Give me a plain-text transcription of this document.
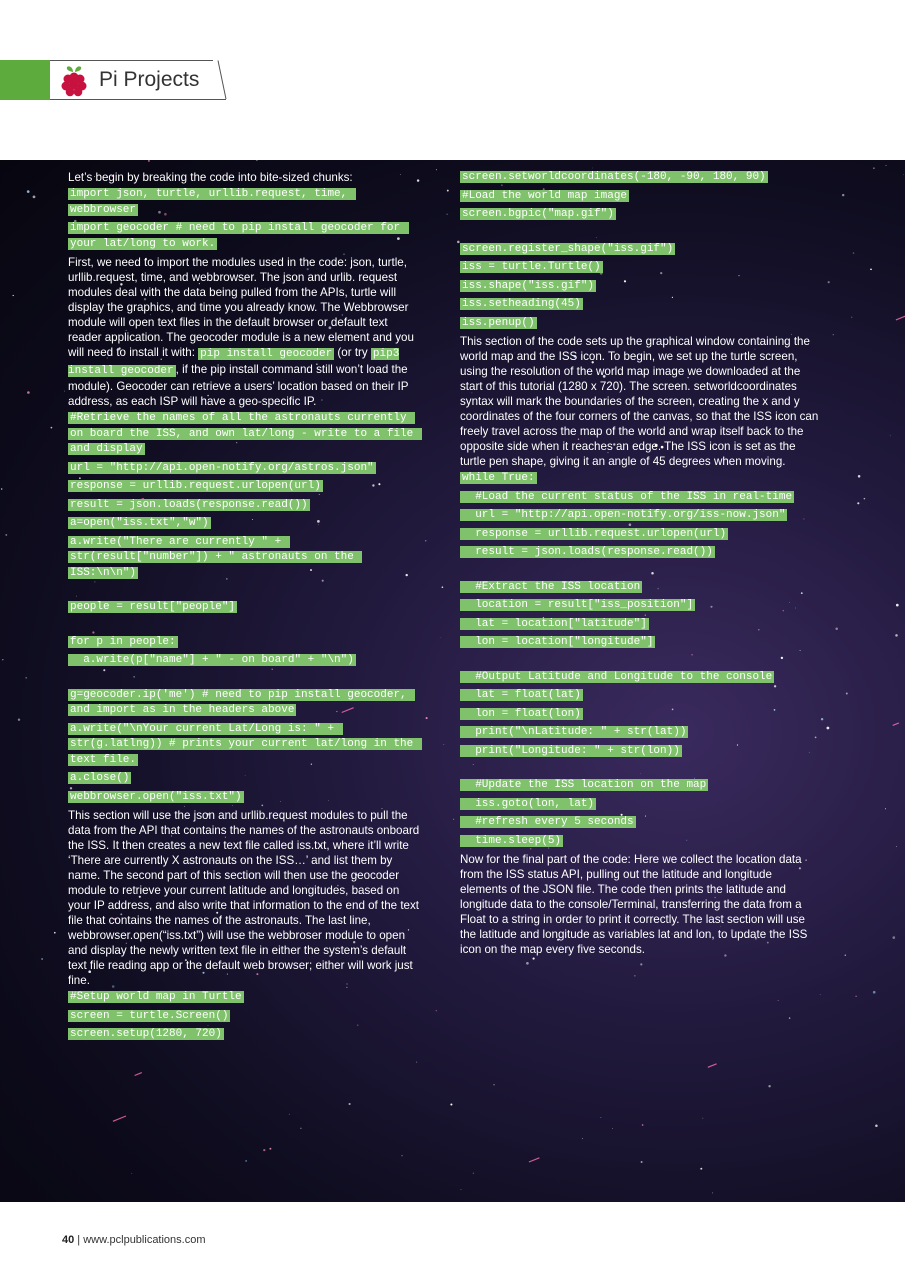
Pi Projects

Let’s begin by breaking the code into bite-sized chunks:

import json, turtle, urllib.request, time, webbrowser
import geocoder # need to pip install geocoder for your lat/long to work.

First, we need to import the modules used in the code: json, turtle, urllib.request, time, and webbrowser. The json and urlib. request modules deal with the data being pulled from the APIs, turtle will display the graphics, and time you already know. The Webbrowser module will open text files in the default browser or default text reader application. The geocoder module is a new element and you will need to install it with: pip install geocoder (or try pip3 install geocoder , if the pip install command still won’t load the module). Geocoder can retrieve a users’ location based on their IP address, as each ISP will have a geo-specific IP.

#Retrieve the names of all the astronauts currently on board the ISS, and own lat/long - write to a file and display
url = "http://api.open-notify.org/astros.json"
response = urllib.request.urlopen(url)
result = json.loads(response.read())
a=open("iss.txt","w")
a.write("There are currently " + str(result["number"]) + " astronauts on the ISS:\n\n")
people = result["people"]
for p in people:
a.write(p["name"] + " - on board" + "\n")
g=geocoder.ip('me') # need to pip install geocoder, and import as in the headers above
a.write("\nYour current Lat/Long is: " + str(g.latlng)) # prints your current lat/long in the text file.
a.close()
webbrowser.open("iss.txt")

This section will use the json and urllib.request modules to pull the data from the API that contains the names of the astronauts onboard the ISS. It then creates a new text file called iss.txt, where it’ll write ‘There are currently X astronauts on the ISS…’ and list them by name. The second part of this section will then use the geocoder module to retrieve your current latitude and longitudes, based on your IP address, and also write that information to the end of the text file that contains the names of the astronauts. The last line, webbrowser.open(“iss.txt”) will use the webbroser module to open and display the newly written text file in either the system’s default text file reading app or the default web browser; either will work just fine.

#Setup world map in Turtle
screen = turtle.Screen()
screen.setup(1280, 720)
screen.setworldcoordinates(-180, -90, 180, 90)
#Load the world map image
screen.bgpic("map.gif")
screen.register_shape("iss.gif")
iss = turtle.Turtle()
iss.shape("iss.gif")
iss.setheading(45)
iss.penup()

This section of the code sets up the graphical window containing the world map and the ISS icon. To begin, we set up the turtle screen, using the resolution of the world map image we downloaded at the start of this tutorial (1280 x 720). The screen. setworldcoordinates syntax will mark the boundaries of the screen, creating the x and y coordinates of the four corners of the canvas, so that the ISS icon can freely travel across the map of the world and wrap itself back to the opposite side when it reaches an edge. The ISS icon is set as the turtle pen shape, giving it an angle of 45 degrees when moving.

while True:
#Load the current status of the ISS in real-time
url = "http://api.open-notify.org/iss-now.json"
response = urllib.request.urlopen(url)
result = json.loads(response.read())
#Extract the ISS location
location = result["iss_position"]
lat = location["latitude"]
lon = location["longitude"]
#Output Latitude and Longitude to the console
lat = float(lat)
lon = float(lon)
print("\nLatitude: " + str(lat))
print("Longitude: " + str(lon))
#Update the ISS location on the map
iss.goto(lon, lat)
#refresh every 5 seconds
time.sleep(5)

Now for the final part of the code: Here we collect the location data from the ISS status API, pulling out the latitude and longitude elements of the JSON file. The code then prints the latitude and longitude data to the console/Terminal, transferring the data from a Float to a string in order to print it correctly. The last section will use the latitude and longitude as variables lat and lon, to update the ISS icon on the map every five seconds.

40 | www.pclpublications.com
